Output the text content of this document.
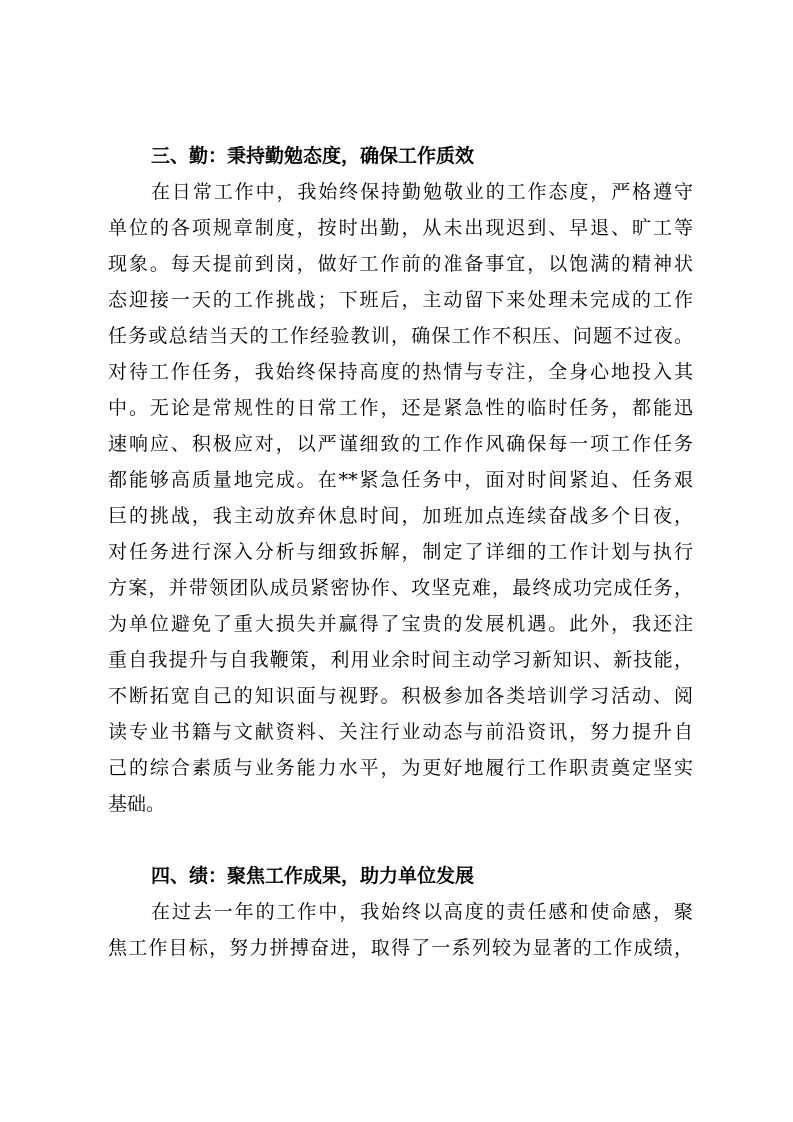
三、勤：秉持勤勉态度，确保工作质效
在日常工作中，我始终保持勤勉敬业的工作态度，严格遵守
单位的各项规章制度，按时出勤，从未出现迟到、早退、旷工等
现象。每天提前到岗，做好工作前的准备事宜，以饱满的精神状
态迎接一天的工作挑战；下班后，主动留下来处理未完成的工作
任务或总结当天的工作经验教训，确保工作不积压、问题不过夜。
对待工作任务，我始终保持高度的热情与专注，全身心地投入其
中。无论是常规性的日常工作，还是紧急性的临时任务，都能迅
速响应、积极应对，以严谨细致的工作作风确保每一项工作任务
都能够高质量地完成。在**紧急任务中，面对时间紧迫、任务艰
巨的挑战，我主动放弃休息时间，加班加点连续奋战多个日夜，
对任务进行深入分析与细致拆解，制定了详细的工作计划与执行
方案，并带领团队成员紧密协作、攻坚克难，最终成功完成任务，
为单位避免了重大损失并赢得了宝贵的发展机遇。此外，我还注
重自我提升与自我鞭策，利用业余时间主动学习新知识、新技能，
不断拓宽自己的知识面与视野。积极参加各类培训学习活动、阅
读专业书籍与文献资料、关注行业动态与前沿资讯，努力提升自
己的综合素质与业务能力水平，为更好地履行工作职责奠定坚实
基础。
四、绩：聚焦工作成果，助力单位发展
在过去一年的工作中，我始终以高度的责任感和使命感，聚
焦工作目标，努力拼搏奋进，取得了一系列较为显著的工作成绩，
